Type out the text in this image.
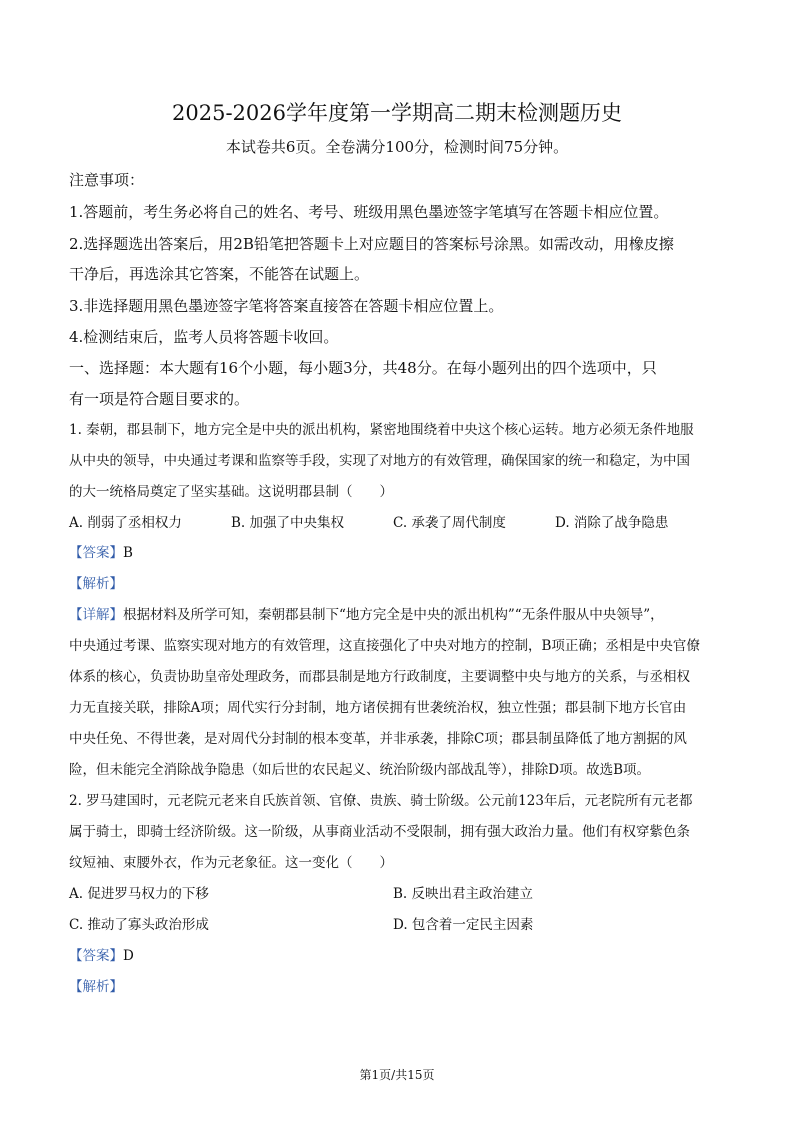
2025-2026学年度第一学期高二期末检测题历史
本试卷共6页。全卷满分100分，检测时间75分钟。
注意事项：
1.答题前，考生务必将自己的姓名、考号、班级用黑色墨迹签字笔填写在答题卡相应位置。
2.选择题选出答案后，用2B铅笔把答题卡上对应题目的答案标号涂黑。如需改动，用橡皮擦
干净后，再选涂其它答案，不能答在试题上。
3.非选择题用黑色墨迹签字笔将答案直接答在答题卡相应位置上。
4.检测结束后，监考人员将答题卡收回。
一、选择题：本大题有16个小题，每小题3分，共48分。在每小题列出的四个选项中，只
有一项是符合题目要求的。
1. 秦朝，郡县制下，地方完全是中央的派出机构，紧密地围绕着中央这个核心运转。地方必须无条件地服
从中央的领导，中央通过考课和监察等手段，实现了对地方的有效管理，确保国家的统一和稳定，为中国
的大一统格局奠定了坚实基础。这说明郡县制（　　）
A. 削弱了丞相权力	B. 加强了中央集权	C. 承袭了周代制度	D. 消除了战争隐患
【答案】B
【解析】
【详解】根据材料及所学可知，秦朝郡县制下“地方完全是中央的派出机构”“无条件服从中央领导”，
中央通过考课、监察实现对地方的有效管理，这直接强化了中央对地方的控制，B项正确；丞相是中央官僚
体系的核心，负责协助皇帝处理政务，而郡县制是地方行政制度，主要调整中央与地方的关系，与丞相权
力无直接关联，排除A项；周代实行分封制，地方诸侯拥有世袭统治权，独立性强；郡县制下地方长官由
中央任免、不得世袭，是对周代分封制的根本变革，并非承袭，排除C项；郡县制虽降低了地方割据的风
险，但未能完全消除战争隐患（如后世的农民起义、统治阶级内部战乱等），排除D项。故选B项。
2. 罗马建国时，元老院元老来自氏族首领、官僚、贵族、骑士阶级。公元前123年后，元老院所有元老都
属于骑士，即骑士经济阶级。这一阶级，从事商业活动不受限制，拥有强大政治力量。他们有权穿紫色条
纹短袖、束腰外衣，作为元老象征。这一变化（　　）
A. 促进罗马权力的下移	B. 反映出君主政治建立
C. 推动了寡头政治形成	D. 包含着一定民主因素
【答案】D
【解析】
第1页/共15页
